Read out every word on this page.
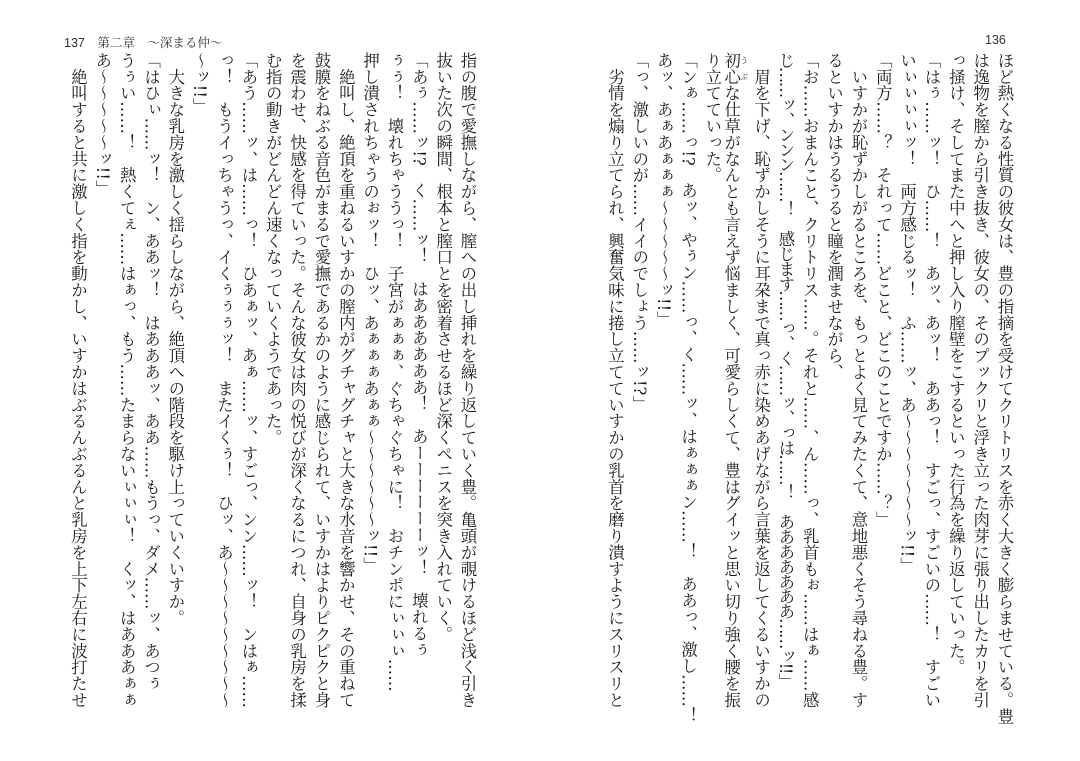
137　第二章　～深まる仲～	136
ほど熱くなる性質の彼女は、豊の指摘を受けてクリトリスを赤く大きく膨らませている。豊
は逸物を膣から引き抜き、彼女の、そのプックリと浮き立った肉芽に張り出したカリを引
っ掻け、そしてまた中へと押し入り膣壁をこするといった行為を繰り返していった。
「はぅ……ッ！　ひ……！　あッ、あッ！　ああっ！　すごっ、すごいの……！　すごい
いぃぃぃぃッ！　両方感じるッ！　ふ……ッ、あ～～～～～～～ッ!!」
「両方……？　それって……どこと、どこのことですか……？」
　いすかが恥ずかしがるところを、もっとよく見てみたくて、意地悪くそう尋ねる豊。す
るといすかはうるうると瞳を潤ませながら、
「お……おまんこと、クリトリス……。それと……、ん……っ、乳首もぉ……はぁ……感
じ……ッ、ンンン……！　感じます……っ、く……ッ、っは……！　あああああああ……ッ!!」
　眉を下げ、恥ずかしそうに耳朶まで真っ赤に染めあげながら言葉を返してくるいすかの
初心 うぶな仕草がなんとも言えず悩ましく、可愛らしくて、豊はグイッと思い切り強く腰を振
り立てていった。
「ンぁ……っ!?　あッ、やぅン……っ、く……ッ、はぁぁぁン……！　ああっ、激し……！
あッ、あぁあぁぁぁ～～～～～ッ!!」
「っ、激しいのが……イイのでしょう……ッ!?」
　劣情を煽り立てられ、興奮気味に捲し立てていすかの乳首を磨り潰すようにスリスリと
指の腹で愛撫しながら、膣への出し挿れを繰り返していく豊。亀頭が覗けるほど浅く引き
抜いた次の瞬間、根本と膣口とを密着させるほど深くペニスを突き入れていく。
「あぅ……ッ!?　く……ッ！　はああああああ！　あーーーーーーッ！　壊れるぅ
ぅぅ！　壊れちゃううっ！　子宮がぁぁぁ、ぐちゃぐちゃに！　おチンポにぃぃぃ……
押し潰されちゃうのぉッ！　ひッ、あぁぁぁあぁぁ～～～～～～ッ!!」
　絶叫し、絶頂を重ねるいすかの膣内がグチャグチャと大きな水音を響かせ、その重ねて
鼓膜をねぶる音色がまるで愛撫であるかのように感じられて、いすかはよりピクピクと身
を震わせ、快感を得ていった。そんな彼女は肉の悦びが深くなるにつれ、自身の乳房を揉
む指の動きがどんどん速くなっていくようであった。
「あう……ッ、は……っ！　ひあぁッ、あぁ……ッ、すごっ、ンン……ッ！　ンはぁ……
っ！　もうイっちゃうっ、イくぅぅぅッ！　またイくぅ！　ひッ、あ～～～～～～～～～
～ッ!!」
　大きな乳房を激しく揺らしながら、絶頂への階段を駆け上っていくいすか。
「はひぃ……ッ！　ン、ああッ！　はあああッ、ああ……もうっ、ダメ……ッ、あつぅ
うぅい……！　熱くてぇ……はぁっ、もう……たまらないぃぃぃ！　くッ、はあああぁぁ
あ～～～～～ッ!!」
　絶叫すると共に激しく指を動かし、いすかはぶるんぶるんと乳房を上下左右に波打たせ
